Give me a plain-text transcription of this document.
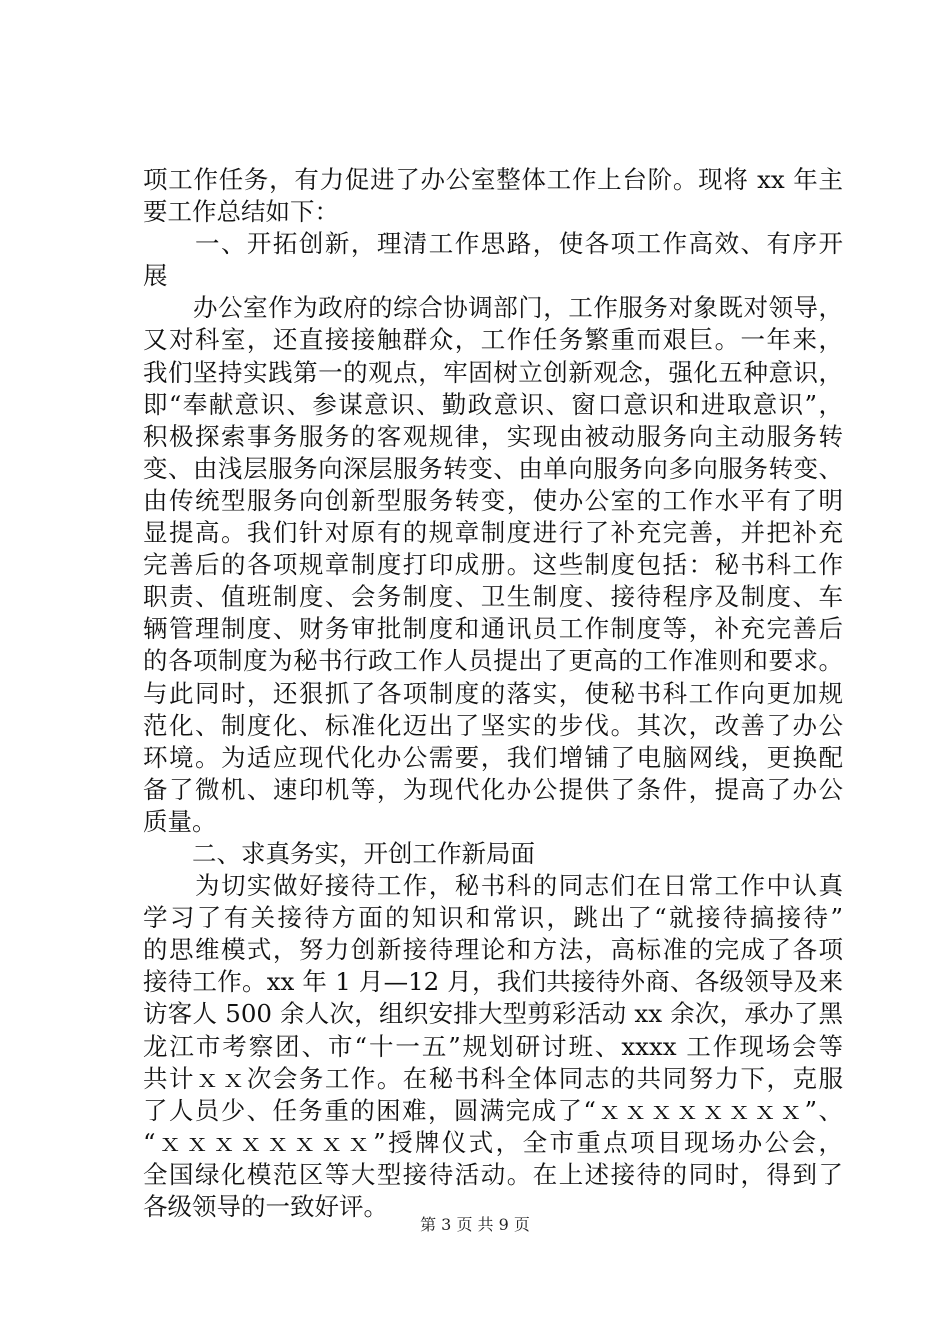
项工作任务，有力促进了办公室整体工作上台阶。现将 xx 年主
要工作总结如下：
　　一、开拓创新，理清工作思路，使各项工作高效、有序开
展
　　办公室作为政府的综合协调部门，工作服务对象既对领导，
又对科室，还直接接触群众，工作任务繁重而艰巨。一年来，
我们坚持实践第一的观点，牢固树立创新观念，强化五种意识，
即“奉献意识、参谋意识、勤政意识、窗口意识和进取意识”，
积极探索事务服务的客观规律，实现由被动服务向主动服务转
变、由浅层服务向深层服务转变、由单向服务向多向服务转变、
由传统型服务向创新型服务转变，使办公室的工作水平有了明
显提高。我们针对原有的规章制度进行了补充完善，并把补充
完善后的各项规章制度打印成册。这些制度包括：秘书科工作
职责、值班制度、会务制度、卫生制度、接待程序及制度、车
辆管理制度、财务审批制度和通讯员工作制度等，补充完善后
的各项制度为秘书行政工作人员提出了更高的工作准则和要求。
与此同时，还狠抓了各项制度的落实，使秘书科工作向更加规
范化、制度化、标准化迈出了坚实的步伐。其次，改善了办公
环境。为适应现代化办公需要，我们增铺了电脑网线，更换配
备了微机、速印机等，为现代化办公提供了条件，提高了办公
质量。
　　二、求真务实，开创工作新局面
　　为切实做好接待工作，秘书科的同志们在日常工作中认真
学习了有关接待方面的知识和常识，跳出了“就接待搞接待”
的思维模式，努力创新接待理论和方法，高标准的完成了各项
接待工作。xx 年 1 月—12 月，我们共接待外商、各级领导及来
访客人 500 余人次，组织安排大型剪彩活动 xx 余次，承办了黑
龙江市考察团、市“十一五”规划研讨班、xxxx 工作现场会等
共计ｘｘ次会务工作。在秘书科全体同志的共同努力下，克服
了人员少、任务重的困难，圆满完成了“ｘｘｘｘｘｘｘｘ”、
“ｘｘｘｘｘｘｘｘ”授牌仪式，全市重点项目现场办公会，
全国绿化模范区等大型接待活动。在上述接待的同时，得到了
各级领导的一致好评。
第 3 页 共 9 页
